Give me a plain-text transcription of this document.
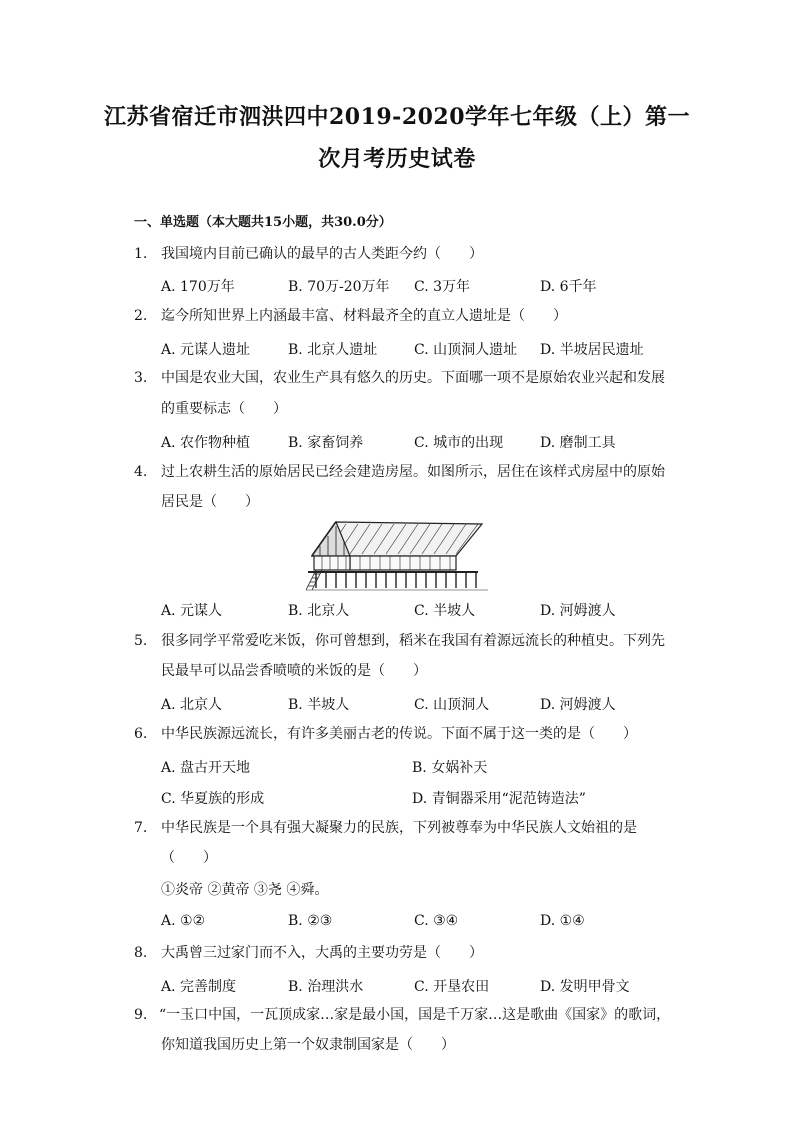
江苏省宿迁市泗洪四中2019-2020学年七年级（上）第一
次月考历史试卷
一、单选题（本大题共15小题，共30.0分）
1. 我国境内目前已确认的最早的古人类距今约（　　）
A. 170万年	B. 70万-20万年 C. 3万年	D. 6千年
2. 迄今所知世界上内涵最丰富、材料最齐全的直立人遗址是（　　）
A. 元谋人遗址	B. 北京人遗址	C. 山顶洞人遗址 D. 半坡居民遗址
3. 中国是农业大国，农业生产具有悠久的历史。下面哪一项不是原始农业兴起和发展
的重要标志（　　）
A. 农作物种植	B. 家畜饲养	C. 城市的出现	D. 磨制工具
4. 过上农耕生活的原始居民已经会建造房屋。如图所示，居住在该样式房屋中的原始
居民是（　　）
A. 元谋人	B. 北京人	C. 半坡人	D. 河姆渡人
5. 很多同学平常爱吃米饭，你可曾想到，稻米在我国有着源远流长的种植史。下列先
民最早可以品尝香喷喷的米饭的是（　　）
A. 北京人	B. 半坡人	C. 山顶洞人	D. 河姆渡人
6. 中华民族源远流长，有许多美丽古老的传说。下面不属于这一类的是（　　）
A. 盘古开天地	B. 女娲补天
C. 华夏族的形成	D. 青铜器采用“泥范铸造法”
7. 中华民族是一个具有强大凝聚力的民族，下列被尊奉为中华民族人文始祖的是
（　　）
①炎帝 ②黄帝 ③尧 ④舜。
A. ①②	B. ②③	C. ③④	D. ①④
8. 大禹曾三过家门而不入，大禹的主要功劳是（　　）
A. 完善制度	B. 治理洪水	C. 开垦农田	D. 发明甲骨文
9. “一玉口中国，一瓦顶成家…家是最小国，国是千万家…这是歌曲《国家》的歌词，
你知道我国历史上第一个奴隶制国家是（　　）
